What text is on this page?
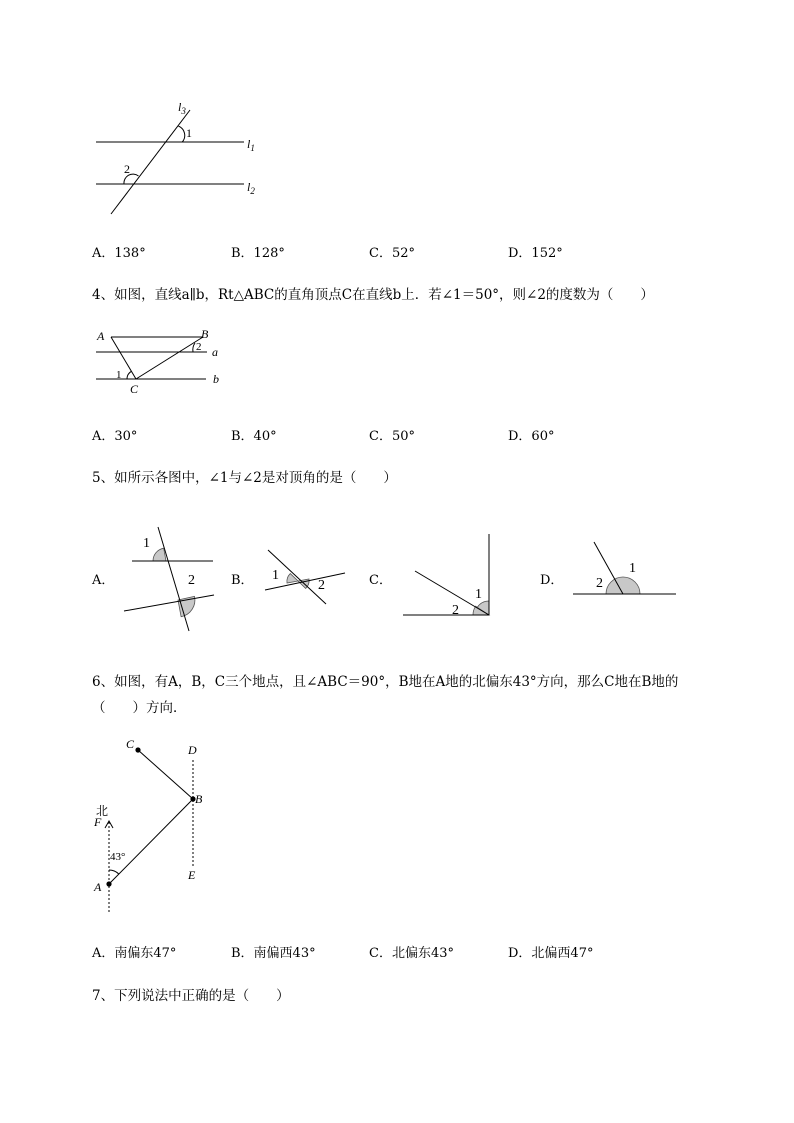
$l_3$
$l_1$
$l_2$
1
2
A．138°	B．128°	C．52°	D．152°
4、如图，直线a∥b，Rt△ABC的直角顶点C在直线b上．若∠1＝50°，则∠2的度数为（　　）
A	B
2 a
1
C
b
A．30°	B．40°	C．50°	D．60°
5、如所示各图中，∠1与∠2是对顶角的是（　　）
A．
1
2	B． 1
2	C．
1
2
D．
1
2
6、如图，有A，B，C三个地点，且∠ABC＝90°，B地在A地的北偏东43°方向，那么C地在B地的
（　　）方向．
北
F
C	D
B
43°
E
A
A．南偏东47°	B．南偏西43°	C．北偏东43°	D．北偏西47°
7、下列说法中正确的是（　　）
